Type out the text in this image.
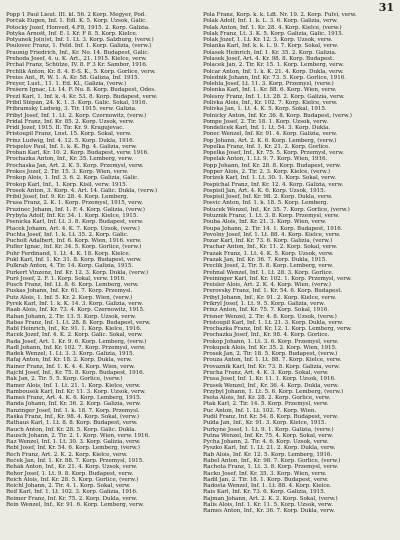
31

Popp 1 Paul Lieut. III. kl. 56. 2 Korp. Megyer, Pod.
Porčák Eugen, Inf. 1. Edl. K. 5. Korp. Uzsok, Gálic.
Potocký Jozef, Honved, 4.F8, 1915. 2. Korp. Galizia.
Potyka Arnošt, Inf. E. I. Kř. F 8. 5. Korp. Kielce.
Potyanek Jo(n)st, Inf. 1. Lt. 3. Korp. Salzburg, (verw.)
Poulovec Franz, 1. Feld. Inf. 1. Korp. Galizia, (verw.)
Praunig Friedrich, Inf., Kr. No. 14. Budapest, Gálic.
Prehoda Josef, 4. u. K. Art., 21. 1915. Kielce, verw.
Prchal Franz, Schütze, IV. 8. F 3 Kr. Sambor, 1916.
Prchlik Anton, Kr. 8. 4. E-S. K., 5. Korp. Gorlice, verw.
Preiss Ant., R. W. 1. A. Kr. 58. Galizia, Inf. 1915.
Preyer, Lust., 11. 1. Ed. Kl., Galizia, (verw.)
Prešern Ignac, Lt. 14. F. No. 8. Korp. Budapest, Odes.
Prezl Karl, 1. Inf. k. 4. Kr. 53. 8. Korp. Budapest, verw.
Pribil Štěpán, 24. K. 1. 3. Korp. Gálic. Sokal, 1916.
Pribramský Ludwig, 3. Tir. 1915. verw. Galizia.
Přibyl Josef, Inf. 1. Lt. 2. Korp. Czernowitz, (verw.)
Pridal Franz, Inf. Kr. 85. 2. Korp. Uzsok, verw.
Pridl Jozef, 1915. II. Tir. Kr. 9. Kragujevac.
Pristoupil Franz, Lnst. 15. Korp. Sokal, verw.
Prinz Ludwig, Inf. 4. 12. 5. Korp. Dukla, 1916.
Prispelov Paul, Inf. 1. k. K. Rg. 4. Galizia, verw.
Proban Karl, Kr. 10. 2. Korp. Budapest, verw. 1916.
Prochazka Anton, Inf., Kr. 35. Lemberg, verw.
Prochaska Jan, Art. 2. K. 5. Korp. Przemysl, verw.
Prokes Jozef, 2. Tir. 15. 3. Korp. Wien, verw.
Prokop Alois, 1. Inf. 3. 6. 2. Korp. Galizia, Gálic.
Prokop Karl, Inf., 1. Korp. Kisil, verw. 1915.
Prosek Anton, 3. Korp. 4. Art. 14. Gálic. Dukla, (verw.)
Pribil Josef, Inf. 9. Kr. 28. 4. Korp. Lemberg.
Prusa Franz, 2. K. 1. Korp. Przemysl, 1915, verw.
Pruzinec Johann, Inf. 1. F. 4. Korp. Galizia, (verw.)
Prybyla Adolf, Inf. Kr. 34. 1. Korp. Kielce, 1915.
Psenicka Karl, Inf. Lt. 3. 8. Korp. Budapest, verw.
Ptacek Johann, Art. 4. K. 7. Korp. Uzsok, (verw.)
Puchta Josef, Inf. 1. k. Lt. 35. 2. Korp. Gálic.
Pucholt Adalbert, Inf. 6. Korp. Wien, 1916. verw.
Pufler Ignac, Inf. Kr. 34. 5. Korp. Gorlice, (verw.)
Puhr Ferdinand, 1. Lt. 4. K. 18. Korp. Kielce.
Pukl Karl, Inf. 1. Kr. 31. 8. Korp. Budapest, verw.
Pulkrab Anton, 4. Tir. 14. Korp. Galizia, 1915.
Purkert Vinzenz, Inf. Kr. 12. 3. Korp. Dukla, (verw.)
Purš Josef, 2. F. 1. Korp. Sokal, verw. 1916.
Pusch Franz, Inf. Lt. 8. 6. Korp. Lemberg, verw.
Puskas Johann, Inf. Kr. 61. 7. Korp. Przemysl.
Putz Alois, 1. Inf. 5. Kr. 2. Korp. Wien, (verw.)
Pyrek Karl, Inf. 1. k. K. 14. 3. Korp. Galizia, verw.
Raab Alois, Inf. Kr. 73. 4. Korp. Czernowitz, 1915.
Raban Johann, 2. Tir. 13. 5. Korp. Uzsok, verw.
Rabas Franz, Inf. 1. Lt. 28. 8. Korp. Budapest, verw.
Rabl Heinrich, Inf., Kr. 91. 1. Korp. Kielce, 1916.
Racek Jozef, Inf. 4. K. 2. Korp. Gálic. Sokal, verw.
Rada Josef, Art. 1. Kr. 9. 6. Korp. Lemberg, (verw.)
Radl Johann, Inf. Kr. 102. 7. Korp. Przemysl, verw.
Radek Wenzel, 1. Lt. 3. 3. Korp. Galizia, 1915.
Rafaj Anton, Inf. Kr. 18. 2. Korp. Dukla, verw.
Rainer Franz, Inf. 1. K. 4. 4. Korp. Wien, verw.
Rajchl Josef, Inf., Kr. 75. 8. Korp. Budapest, 1916.
Rak Jan, 2. Tir. 5. 5. Korp. Gorlice, (verw.)
Ramer Alois, Inf. 1. Lt. 21. 1. Korp. Kielce, verw.
Rambousek Karl, Inf. Kr. 11. 3. Korp. Uzsok, verw.
Rameš Franz, Art. 4. K. 6. Korp. Lemberg, 1915.
Randa Johann, Inf. Kr. 36. 2. Korp. Galizia, verw.
Ranzinger Josef, Inf. 1. k. 18. 7. Korp. Przemysl.
Raška Franz, Inf., Kr. 98. 4. Korp. Sokal, (verw.)
Rathaus Karl, 1. Lt. 8. 8. Korp. Budapest, verw.
Rauch Anton, Inf. Kr. 28. 5. Korp. Gálic. Dukla.
Rausch Johann, 2. Tir. 2. 1. Korp. Wien, verw. 1916.
Raz Wenzel, Inf. 1. Lt. 30. 3. Korp. Galizia, verw.
Rebl Josef, Inf. Kr. 54. 6. Korp. Lemberg, (verw.)
Rech Franz, Art. 2. K. 2. Korp. Kielce, verw.
Reček Jan, Inf. 1. Kr. 88. 7. Korp. Przemysl, 1915.
Rehák Anton, Inf., Kr. 21. 4. Korp. Uzsok, verw.
Rehor Josef, 1. Lt. 9. 8. Korp. Budapest, verw.
Reich Alois, Inf. Kr. 28. 5. Korp. Gorlice, (verw.)
Reichl Johann, 2. Tir. 4. 1. Korp. Sokal, verw.
Reif Karl, Inf. 1. Lt. 102. 3. Korp. Galizia, 1916.
Reimer Franz, Inf. Kr. 75. 2. Korp. Dukla, verw.
Rein Wenzel, Inf., Kr. 91. 6. Korp. Lemberg, verw.
Pola Franz, Korp. k. k. Ldt. Nr. 19. 2. Korp. Fulvi, verw.
Polak Adolf, Inf. 1. k. L. 3. 6. Korp. Galizia, verw.
Polak Anton, Inf. 1. Kr. 28. 4. Korp. Kielce, (verw.)
Polak Franz, Lt. 3. K. 5. Korp. Galizia, Gálic. 1915.
Polak Jozef, 1. Lt. Kr. 12. 3. Korp. Uzsok, verw.
Polanka Karl, Inf. k. k. L. 9. 7. Korp. Sokal, verw.
Polasek Heinrich, Inf. 1. Kr. 35. 2. Korp. Galizia.
Polasek Josef, Art. 4. Kr. 98. 8. Korp. Budapest.
Polacek Jan, 2. Tir. Kr. 15. 1. Korp. Lemberg, verw.
Polcar Anton, Inf. 1. k. K. 21. 4. Korp. Dukla, verw.
Polednik Johann, Inf. Kr. 73. 5. Korp. Gorlice, 1916.
Polehla Josef, Lt. 11. 3. Korp. Przemysl, (verw.)
Polenka Karl, Inf. 1. Kr. 88. 6. Korp. Wien, verw.
Polesny Franz, Inf. 1. Lt. 28. 2. Korp. Galizia, verw.
Polivka Alois, Inf., Kr. 102. 7. Korp. Kielce, verw.
Polivka Jan, 1. Lt. 4. K. 5. Korp. Sokal, 1915.
Polnicky Anton, Inf. Kr. 36. 8. Korp. Budapest, (verw.)
Pompe Josef, 2. Tir. 18. 1. Korp. Uzsok, verw.
Pondelicek Karl, Inf. 1. Lt. 54. 3. Korp. Dukla.
Ponec Wenzel, Inf. Kr. 91. 4. Korp. Galizia, verw.
Pop Johann, Art. 2. K. 6. Korp. Lemberg, (verw.)
Popelka Franz, Inf. 1. Kr. 21. 2. Korp. Gorlice.
Popelka Josef, Inf., Kr. 75. 5. Korp. Przemysl, verw.
Popelak Anton, 1. Lt. 9. 7. Korp. Wien, 1916.
Popp Johann, Inf. Kr. 28. 8. Korp. Budapest, verw.
Popper Alois, 2. Tir. 2. 3. Korp. Kielce, (verw.)
Porizek Karl, Inf. 1. Lt. 30. 1. Korp. Sokal, verw.
Pospichal Franz, Inf. Kr. 12. 4. Korp. Galizia, verw.
Pospisil Jan, Art. 4. K. 6. Korp. Uzsok, 1915.
Pospisil Josef, Inf. Kr. 98. 2. Korp. Dukla, verw.
Posvic Anton, Inf. 1. k. 18. 5. Korp. Lemberg.
Potucek Wenzel, Inf., Kr. 35. 7. Korp. Gorlice, (verw.)
Potuznik Franz, 1. Lt. 3. 8. Korp. Przemysl, verw.
Pouba Alois, Inf. Kr. 21. 3. Korp. Wien, verw.
Poupa Johann, 2. Tir. 14. 1. Korp. Budapest, 1916.
Povolny Josef, Inf. 1. Lt. 88. 4. Korp. Kielce, verw.
Pozar Karl, Inf. Kr. 73. 6. Korp. Galizia, (verw.)
Prachar Anton, Inf., Kr. 11. 2. Korp. Sokal, verw.
Prazak Franz, 1. Lt. 4. K. 5. Korp. Uzsok, verw.
Prazak Jan, Inf. Kr. 36. 7. Korp. Dukla, 1915.
Preclik Josef, 2. Tir. 5. 8. Korp. Lemberg, verw.
Prehnal Wenzel, Inf. 1. Lt. 28. 3. Korp. Gorlice.
Preininger Karl, Inf. Kr. 102. 1. Korp. Przemysl, verw.
Preisler Alois, Art. 2. K. 4. Korp. Wien, (verw.)
Prerovsky Franz, Inf. 1. Kr. 54. 6. Korp. Budapest.
Pribyl Johann, Inf., Kr. 91. 2. Korp. Kielce, verw.
Prikryl Josef, 1. Lt. 9. 5. Korp. Galizia, verw.
Prinz Anton, Inf. Kr. 75. 7. Korp. Sokal, 1916.
Prisner Wenzel, 2. Tir. 4. 8. Korp. Uzsok, (verw.)
Pristoupil Karl, Inf. 1. Lt. 21. 3. Korp. Dukla, verw.
Prochazka Franz, Inf. Kr. 12. 1. Korp. Lemberg, verw.
Prochazka Josef, Inf., Kr. 98. 4. Korp. Gorlice.
Prokop Johann, 1. Lt. 3. 6. Korp. Przemysl, verw.
Prokupek Alois, Inf. Kr. 35. 2. Korp. Wien, 1915.
Prosek Jan, 2. Tir. 18. 5. Korp. Budapest, (verw.)
Prouza Anton, Inf. 1. Lt. 88. 7. Korp. Kielce, verw.
Provaznik Karl, Inf. Kr. 73. 8. Korp. Galizia, verw.
Prucha Franz, Art. 4. K. 3. Korp. Sokal, verw.
Prusa Josef, Inf. 1. Kr. 11. 1. Korp. Uzsok, 1916.
Prusek Wenzel, Inf., Kr. 36. 4. Korp. Dukla, verw.
Przybyl Johann, 1. Lt. 5. 6. Korp. Lemberg, (verw.)
Psota Alois, Inf. Kr. 28. 2. Korp. Gorlice, verw.
Ptak Karl, 2. Tir. 14. 5. Korp. Przemysl, verw.
Puc Anton, Inf. 1. Lt. 102. 7. Korp. Wien.
Pudil Franz, Inf. Kr. 54. 8. Korp. Budapest, verw.
Pulda Jan, Inf., Kr. 91. 3. Korp. Kielce, 1915.
Purkyne Josef, 1. Lt. 9. 1. Korp. Galizia, (verw.)
Putna Wenzel, Inf. Kr. 75. 4. Korp. Sokal, verw.
Pycha Johann, 2. Tir. 4. 6. Korp. Uzsok, verw.
Pyszko Karl, Inf. 1. Lt. 21. 2. Korp. Dukla, verw.
Rab Alois, Inf. Kr. 12. 5. Korp. Lemberg, 1916.
Rabel Anton, Inf., Kr. 98. 7. Korp. Gorlice, (verw.)
Rachota Franz, 1. Lt. 3. 8. Korp. Przemysl, verw.
Racko Josef, Inf. Kr. 35. 3. Korp. Wien, verw.
Radil Jan, 2. Tir. 18. 1. Korp. Budapest, verw.
Radosta Wenzel, Inf. 1. Lt. 88. 4. Korp. Kielce.
Rais Karl, Inf. Kr. 73. 6. Korp. Galizia, 1915.
Rajman Johann, Art. 2. K. 2. Korp. Sokal, (verw.)
Ralis Alois, Inf. 1. Kr. 11. 5. Korp. Uzsok, verw.
Rames Anton, Inf., Kr. 36. 7. Korp. Dukla, verw.
